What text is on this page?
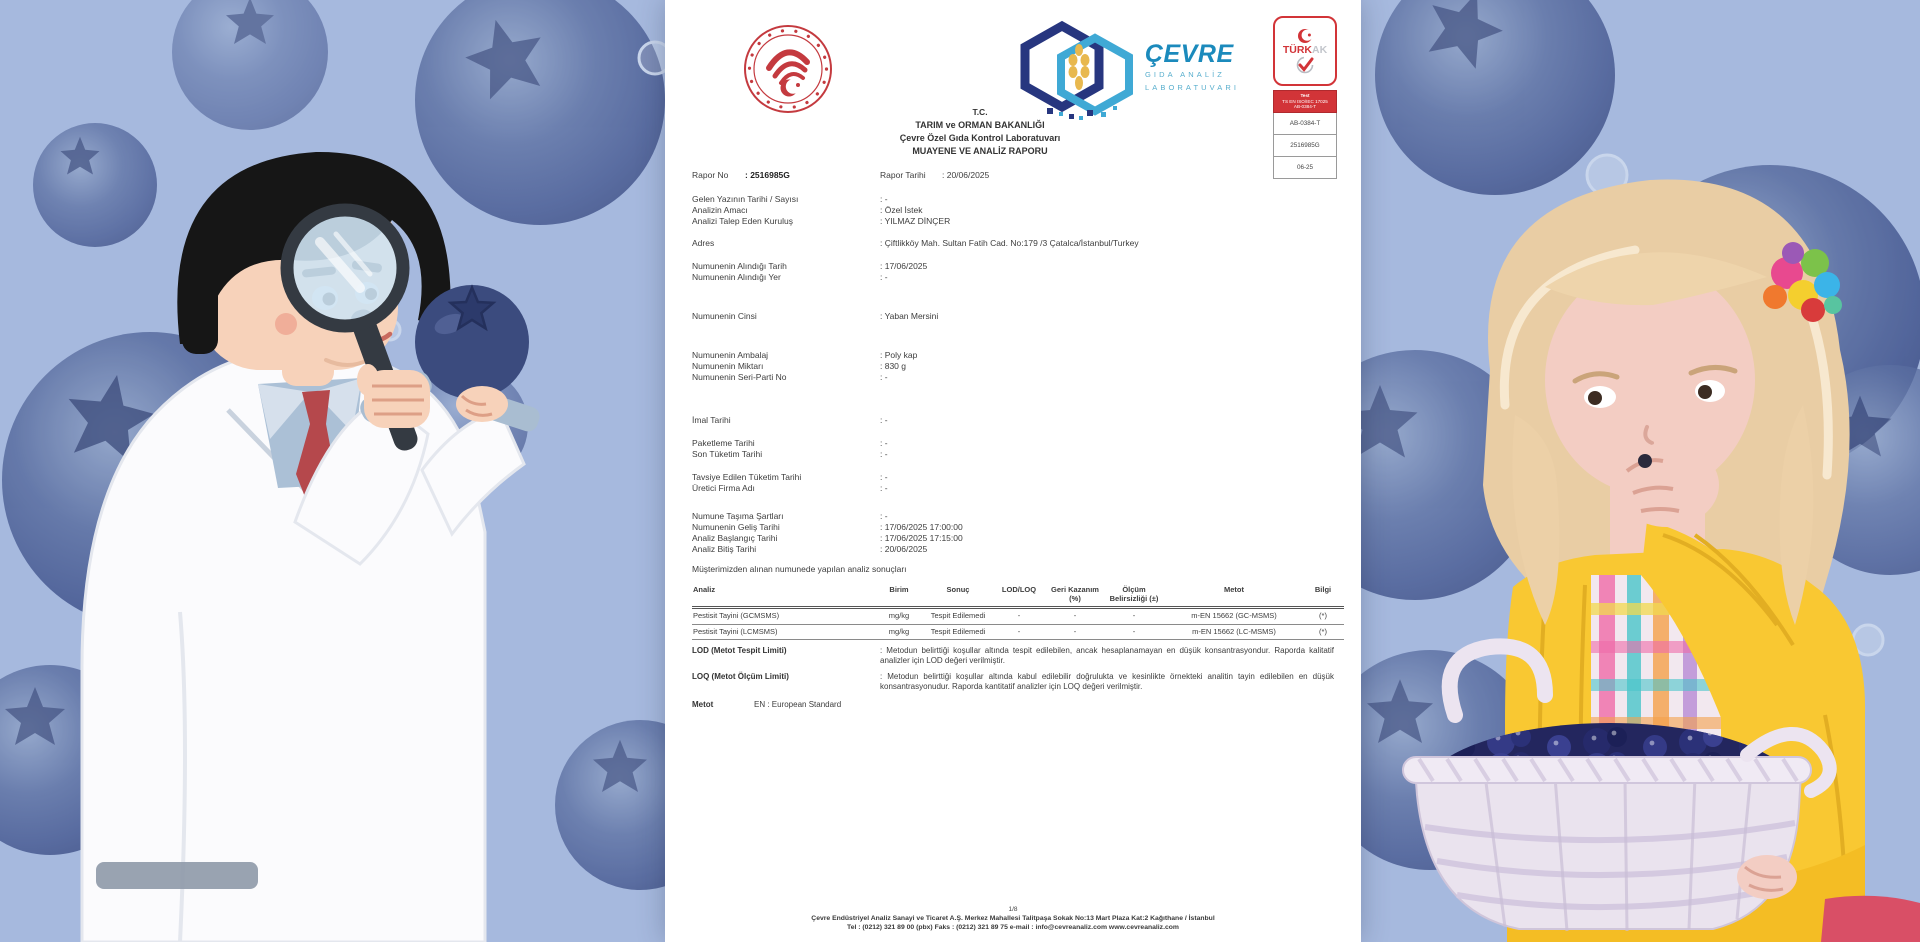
ÇEVRE
GIDA ANALİZ
LABORATUVARI
TÜRKAK
Test
TS EN ISO/IEC 17025
AB-0384-T
AB-0384-T
2516985G
06-25
T.C.
TARIM ve ORMAN BAKANLIĞI
Çevre Özel Gıda Kontrol Laboratuvarı
MUAYENE VE ANALİZ RAPORU
Rapor No	: 2516985G	Rapor Tarihi	: 20/06/2025
Gelen Yazının Tarihi / Sayısı	: -
Analizin Amacı	: Özel İstek
Analizi Talep Eden Kuruluş	: YILMAZ DİNÇER
Adres	: Çiftlikköy Mah. Sultan Fatih Cad. No:179 /3 Çatalca/İstanbul/Turkey
Numunenin Alındığı Tarih	: 17/06/2025
Numunenin Alındığı Yer	: -
Numunenin Cinsi	: Yaban Mersini
Numunenin Ambalaj	: Poly kap
Numunenin Miktarı	: 830 g
Numunenin Seri-Parti No	: -
İmal Tarihi	: -
Paketleme Tarihi	: -
Son Tüketim Tarihi	: -
Tavsiye Edilen Tüketim Tarihi	: -
Üretici Firma Adı	: -
Numune Taşıma Şartları	: -
Numunenin Geliş Tarihi	: 17/06/2025 17:00:00
Analiz Başlangıç Tarihi	: 17/06/2025 17:15:00
Analiz Bitiş Tarihi	: 20/06/2025
Müşterimizden alınan numunede yapılan analiz sonuçları
Analiz	Birim	Sonuç	LOD/LOQ	Geri Kazanım (%)	Ölçüm Belirsizliği (±)	Metot	Bilgi
Pestisit Tayini (GCMSMS)	mg/kg	Tespit Edilemedi	-	-	-	m-EN 15662 (GC-MSMS)	(*)
Pestisit Tayini (LCMSMS)	mg/kg	Tespit Edilemedi	-	-	-	m-EN 15662 (LC-MSMS)	(*)
LOD (Metot Tespit Limiti)	: Metodun belirttiği koşullar altında tespit edilebilen, ancak hesaplanamayan en düşük konsantrasyondur. Raporda kalitatif analizler için LOD değeri verilmiştir.
LOQ (Metot Ölçüm Limiti)	: Metodun belirttiği koşullar altında kabul edilebilir doğrulukta ve kesinlikte örnekteki analitin tayin edilebilen en düşük konsantrasyonudur. Raporda kantitatif analizler için LOQ değeri verilmiştir.
Metot	EN : European Standard
1/8
Çevre Endüstriyel Analiz Sanayi ve Ticaret A.Ş. Merkez Mahallesi Talitpaşa Sokak No:13 Mart Plaza Kat:2 Kağıthane / İstanbul
Tel : (0212) 321 89 00 (pbx) Faks : (0212) 321 89 75 e-mail : info@cevreanaliz.com www.cevreanaliz.com
